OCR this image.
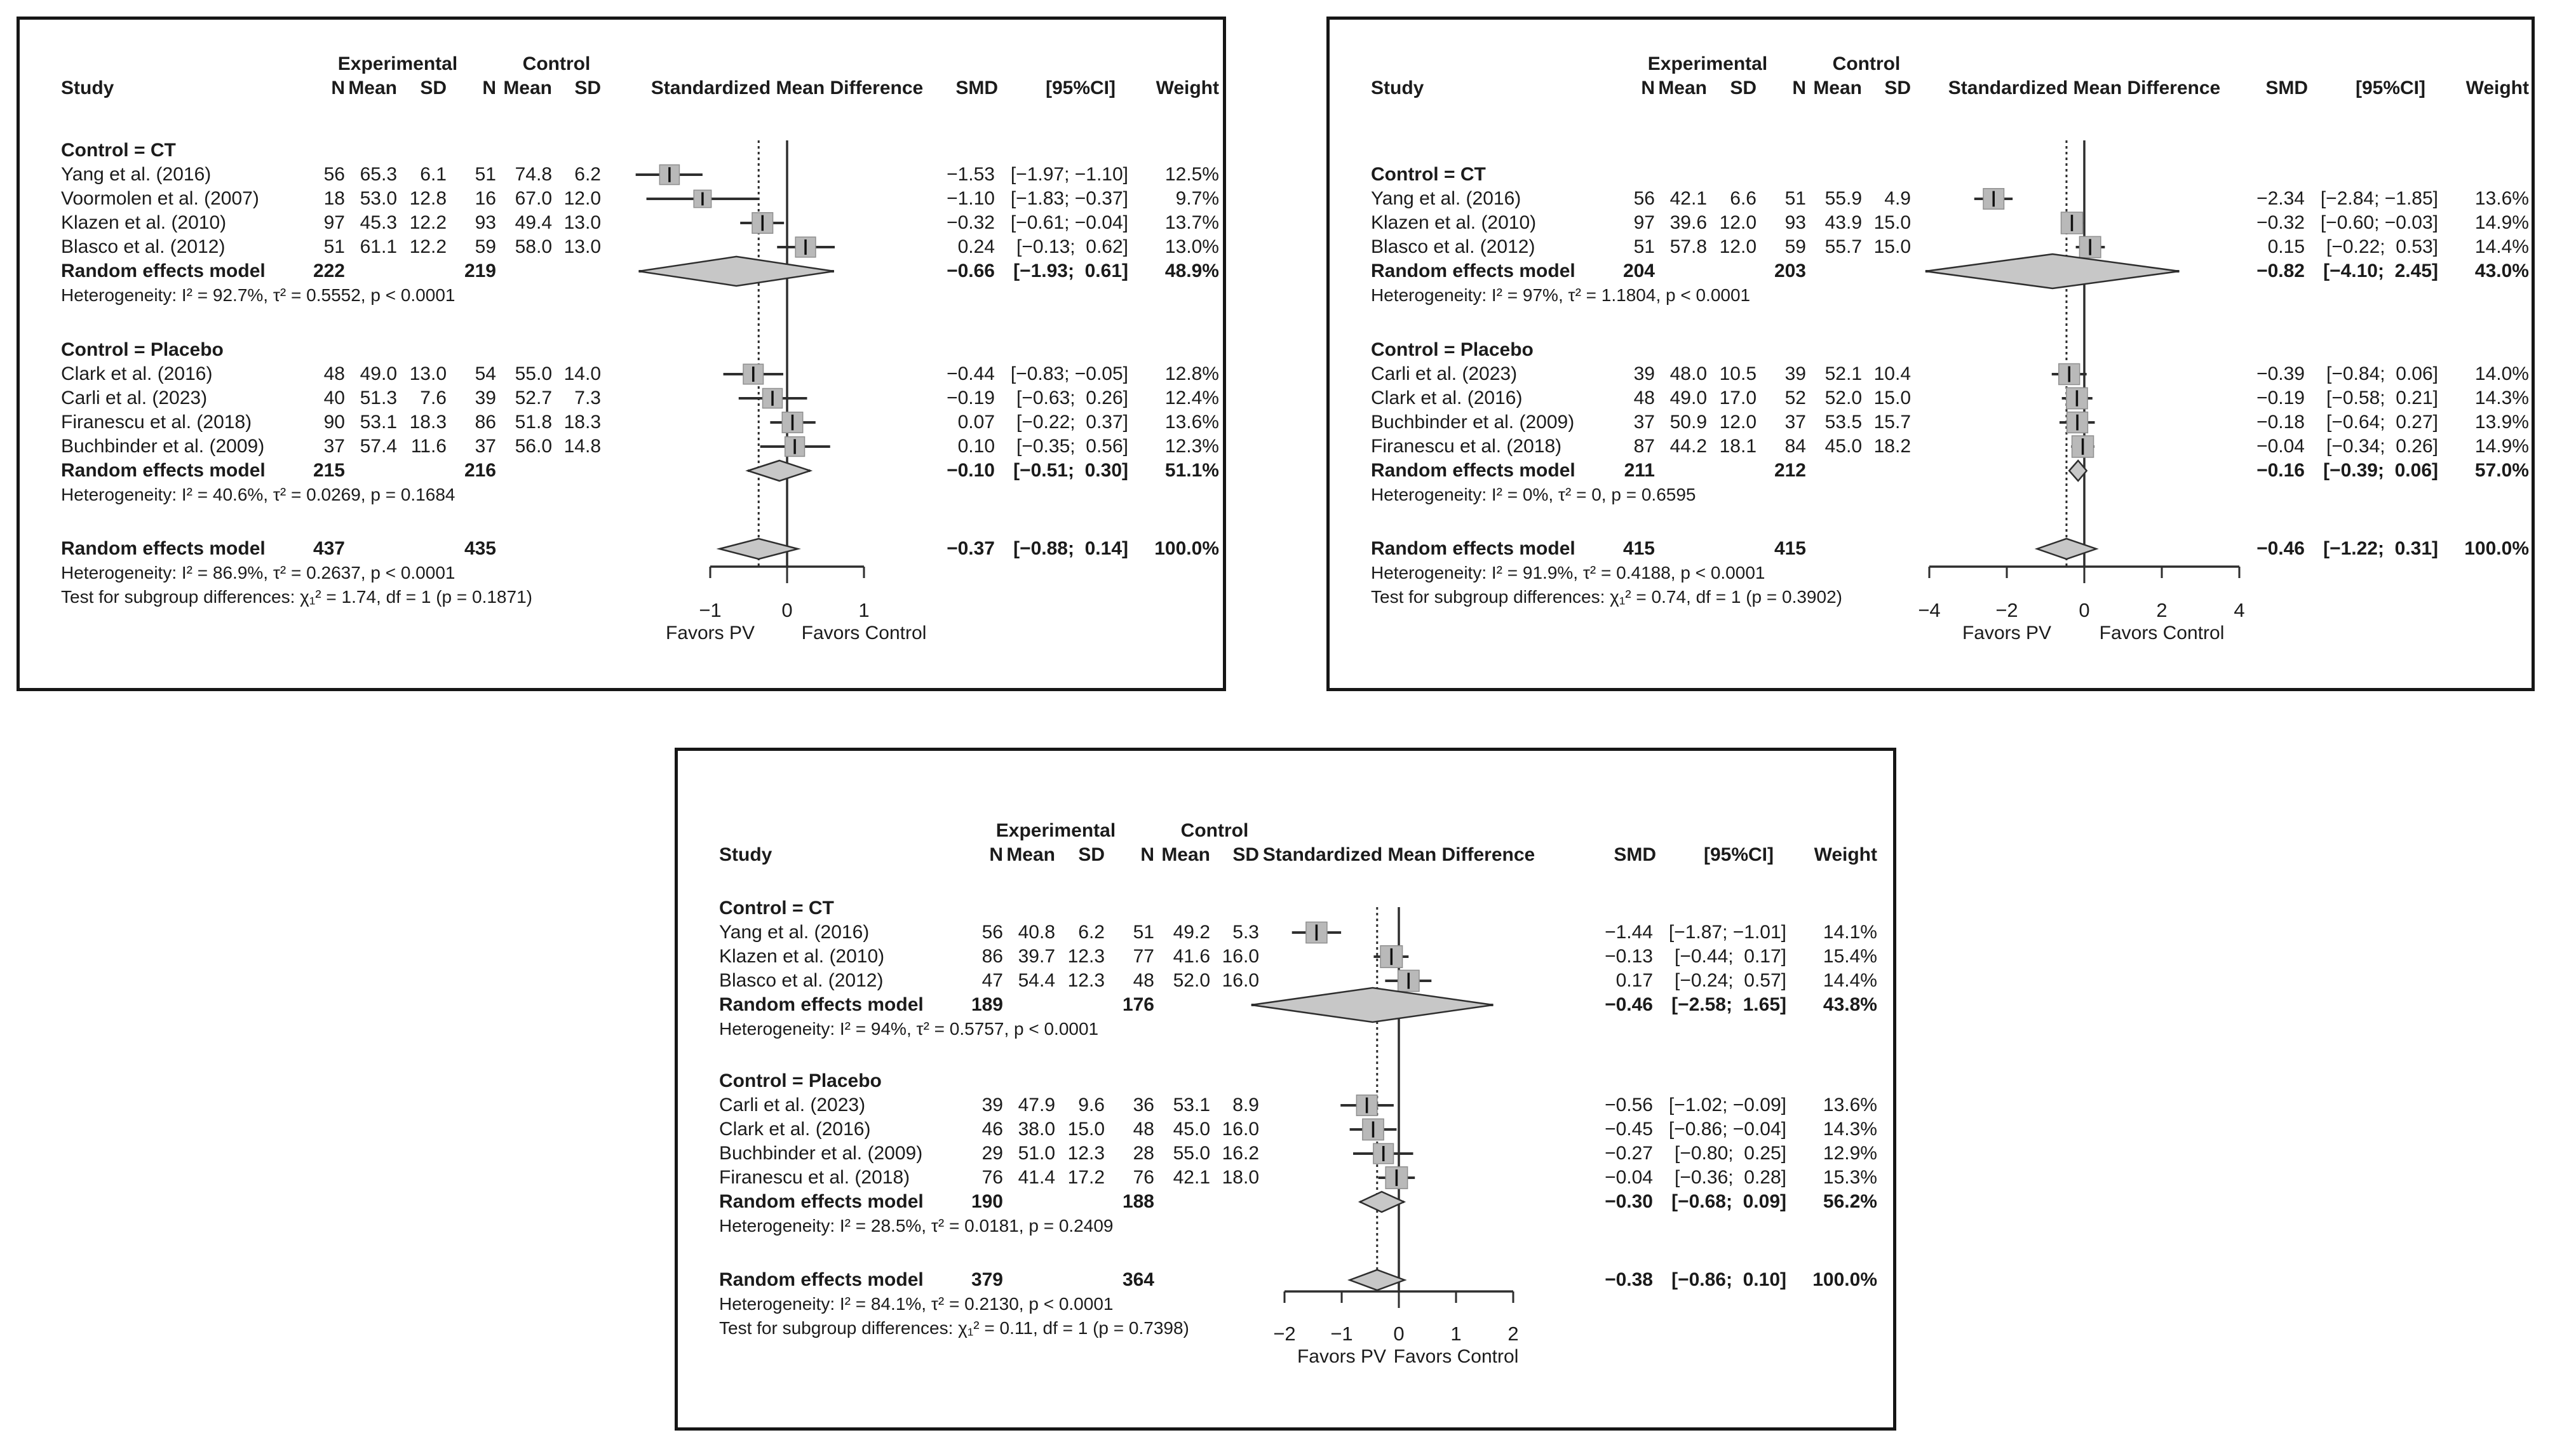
Experimental	Control
Study	N Mean	SD	N Mean	SD	Standardized Mean Difference	SMD	[95%CI]	Weight
Control = CT
Yang et al. (2016)	56 65.3	6.1	51 74.8	6.2	−1.53 [−1.97; −1.10]	12.5%
Voormolen et al. (2007)	18 53.0 12.8	16 67.0 12.0	−1.10 [−1.83; −0.37]	9.7%
Klazen et al. (2010)	97 45.3 12.2	93 49.4 13.0	−0.32 [−0.61; −0.04]	13.7%
Blasco et al. (2012)	51 61.1 12.2	59 58.0 13.0	0.24	[−0.13;  0.62]	13.0%
Random effects model	222	219	−0.66 [−1.93;  0.61]	48.9%
Heterogeneity: I² = 92.7%, τ² = 0.5552, p < 0.0001
Control = Placebo
Clark et al. (2016)	48 49.0 13.0	54 55.0 14.0	−0.44 [−0.83; −0.05]	12.8%
Carli et al. (2023)	40 51.3	7.6	39 52.7	7.3	−0.19	[−0.63;  0.26]	12.4%
Firanescu et al. (2018)	90 53.1 18.3	86 51.8 18.3	0.07	[−0.22;  0.37]	13.6%
Buchbinder et al. (2009)	37 57.4 11.6	37 56.0 14.8	0.10	[−0.35;  0.56]	12.3%
Random effects model	215	216	−0.10 [−0.51;  0.30]	51.1%
Heterogeneity: I² = 40.6%, τ² = 0.0269, p = 0.1684
Random effects model	437	435	−0.37 [−0.88;  0.14]	100.0%
Heterogeneity: I² = 86.9%, τ² = 0.2637, p < 0.0001
Test for subgroup differences: χ₁² = 1.74, df = 1 (p = 0.1871)
−1	0	1
Favors PV Favors Control
Experimental	Control
Study	N Mean	SD	N Mean	SD	Standardized Mean Difference	SMD	[95%CI]	Weight
Control = CT
Yang et al. (2016)	56 42.1	6.6	51 55.9	4.9	−2.34 [−2.84; −1.85]	13.6%
Klazen et al. (2010)	97 39.6 12.0	93 43.9 15.0	−0.32 [−0.60; −0.03]	14.9%
Blasco et al. (2012)	51 57.8 12.0	59 55.7 15.0	0.15	[−0.22;  0.53]	14.4%
Random effects model	204	203	−0.82 [−4.10;  2.45]	43.0%
Heterogeneity: I² = 97%, τ² = 1.1804, p < 0.0001
Control = Placebo
Carli et al. (2023)	39 48.0 10.5	39 52.1 10.4	−0.39	[−0.84;  0.06]	14.0%
Clark et al. (2016)	48 49.0 17.0	52 52.0 15.0	−0.19	[−0.58;  0.21]	14.3%
Buchbinder et al. (2009)	37 50.9 12.0	37 53.5 15.7	−0.18	[−0.64;  0.27]	13.9%
Firanescu et al. (2018)	87 44.2 18.1	84 45.0 18.2	−0.04	[−0.34;  0.26]	14.9%
Random effects model	211	212	−0.16 [−0.39;  0.06]	57.0%
Heterogeneity: I² = 0%, τ² = 0, p = 0.6595
Random effects model	415	415	−0.46 [−1.22;  0.31]	100.0%
Heterogeneity: I² = 91.9%, τ² = 0.4188, p < 0.0001
Test for subgroup differences: χ₁² = 0.74, df = 1 (p = 0.3902)
−4	−2	0	2	4
Favors PV	Favors Control
Experimental	Control
Study	N Mean	SD	N Mean	SD Standardized Mean Difference	SMD	[95%CI]	Weight
Control = CT
Yang et al. (2016)	56 40.8	6.2	51 49.2	5.3	−1.44 [−1.87; −1.01]	14.1%
Klazen et al. (2010)	86 39.7 12.3	77 41.6 16.0	−0.13	[−0.44;  0.17]	15.4%
Blasco et al. (2012)	47 54.4 12.3	48 52.0 16.0	0.17	[−0.24;  0.57]	14.4%
Random effects model	189	176	−0.46 [−2.58;  1.65]	43.8%
Heterogeneity: I² = 94%, τ² = 0.5757, p < 0.0001
Control = Placebo
Carli et al. (2023)	39 47.9	9.6	36 53.1	8.9	−0.56 [−1.02; −0.09]	13.6%
Clark et al. (2016)	46 38.0 15.0	48 45.0 16.0	−0.45 [−0.86; −0.04]	14.3%
Buchbinder et al. (2009)	29 51.0 12.3	28 55.0 16.2	−0.27	[−0.80;  0.25]	12.9%
Firanescu et al. (2018)	76 41.4 17.2	76 42.1 18.0	−0.04	[−0.36;  0.28]	15.3%
Random effects model	190	188	−0.30 [−0.68;  0.09]	56.2%
Heterogeneity: I² = 28.5%, τ² = 0.0181, p = 0.2409
Random effects model	379	364	−0.38 [−0.86;  0.10]	100.0%
Heterogeneity: I² = 84.1%, τ² = 0.2130, p < 0.0001
Test for subgroup differences: χ₁² = 0.11, df = 1 (p = 0.7398)	−2 −1 0 1 2
Favors PV Favors Control
